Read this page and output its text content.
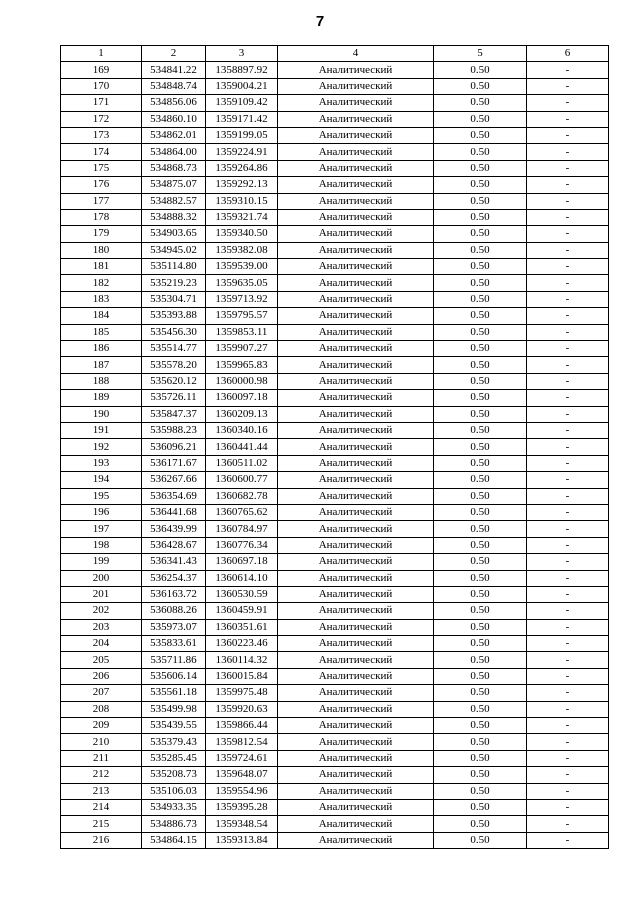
7
1	2	3	4	5	6
169	534841.22	1358897.92	Аналитический	0.50	-
170	534848.74	1359004.21	Аналитический	0.50	-
171	534856.06	1359109.42	Аналитический	0.50	-
172	534860.10	1359171.42	Аналитический	0.50	-
173	534862.01	1359199.05	Аналитический	0.50	-
174	534864.00	1359224.91	Аналитический	0.50	-
175	534868.73	1359264.86	Аналитический	0.50	-
176	534875.07	1359292.13	Аналитический	0.50	-
177	534882.57	1359310.15	Аналитический	0.50	-
178	534888.32	1359321.74	Аналитический	0.50	-
179	534903.65	1359340.50	Аналитический	0.50	-
180	534945.02	1359382.08	Аналитический	0.50	-
181	535114.80	1359539.00	Аналитический	0.50	-
182	535219.23	1359635.05	Аналитический	0.50	-
183	535304.71	1359713.92	Аналитический	0.50	-
184	535393.88	1359795.57	Аналитический	0.50	-
185	535456.30	1359853.11	Аналитический	0.50	-
186	535514.77	1359907.27	Аналитический	0.50	-
187	535578.20	1359965.83	Аналитический	0.50	-
188	535620.12	1360000.98	Аналитический	0.50	-
189	535726.11	1360097.18	Аналитический	0.50	-
190	535847.37	1360209.13	Аналитический	0.50	-
191	535988.23	1360340.16	Аналитический	0.50	-
192	536096.21	1360441.44	Аналитический	0.50	-
193	536171.67	1360511.02	Аналитический	0.50	-
194	536267.66	1360600.77	Аналитический	0.50	-
195	536354.69	1360682.78	Аналитический	0.50	-
196	536441.68	1360765.62	Аналитический	0.50	-
197	536439.99	1360784.97	Аналитический	0.50	-
198	536428.67	1360776.34	Аналитический	0.50	-
199	536341.43	1360697.18	Аналитический	0.50	-
200	536254.37	1360614.10	Аналитический	0.50	-
201	536163.72	1360530.59	Аналитический	0.50	-
202	536088.26	1360459.91	Аналитический	0.50	-
203	535973.07	1360351.61	Аналитический	0.50	-
204	535833.61	1360223.46	Аналитический	0.50	-
205	535711.86	1360114.32	Аналитический	0.50	-
206	535606.14	1360015.84	Аналитический	0.50	-
207	535561.18	1359975.48	Аналитический	0.50	-
208	535499.98	1359920.63	Аналитический	0.50	-
209	535439.55	1359866.44	Аналитический	0.50	-
210	535379.43	1359812.54	Аналитический	0.50	-
211	535285.45	1359724.61	Аналитический	0.50	-
212	535208.73	1359648.07	Аналитический	0.50	-
213	535106.03	1359554.96	Аналитический	0.50	-
214	534933.35	1359395.28	Аналитический	0.50	-
215	534886.73	1359348.54	Аналитический	0.50	-
216	534864.15	1359313.84	Аналитический	0.50	-
